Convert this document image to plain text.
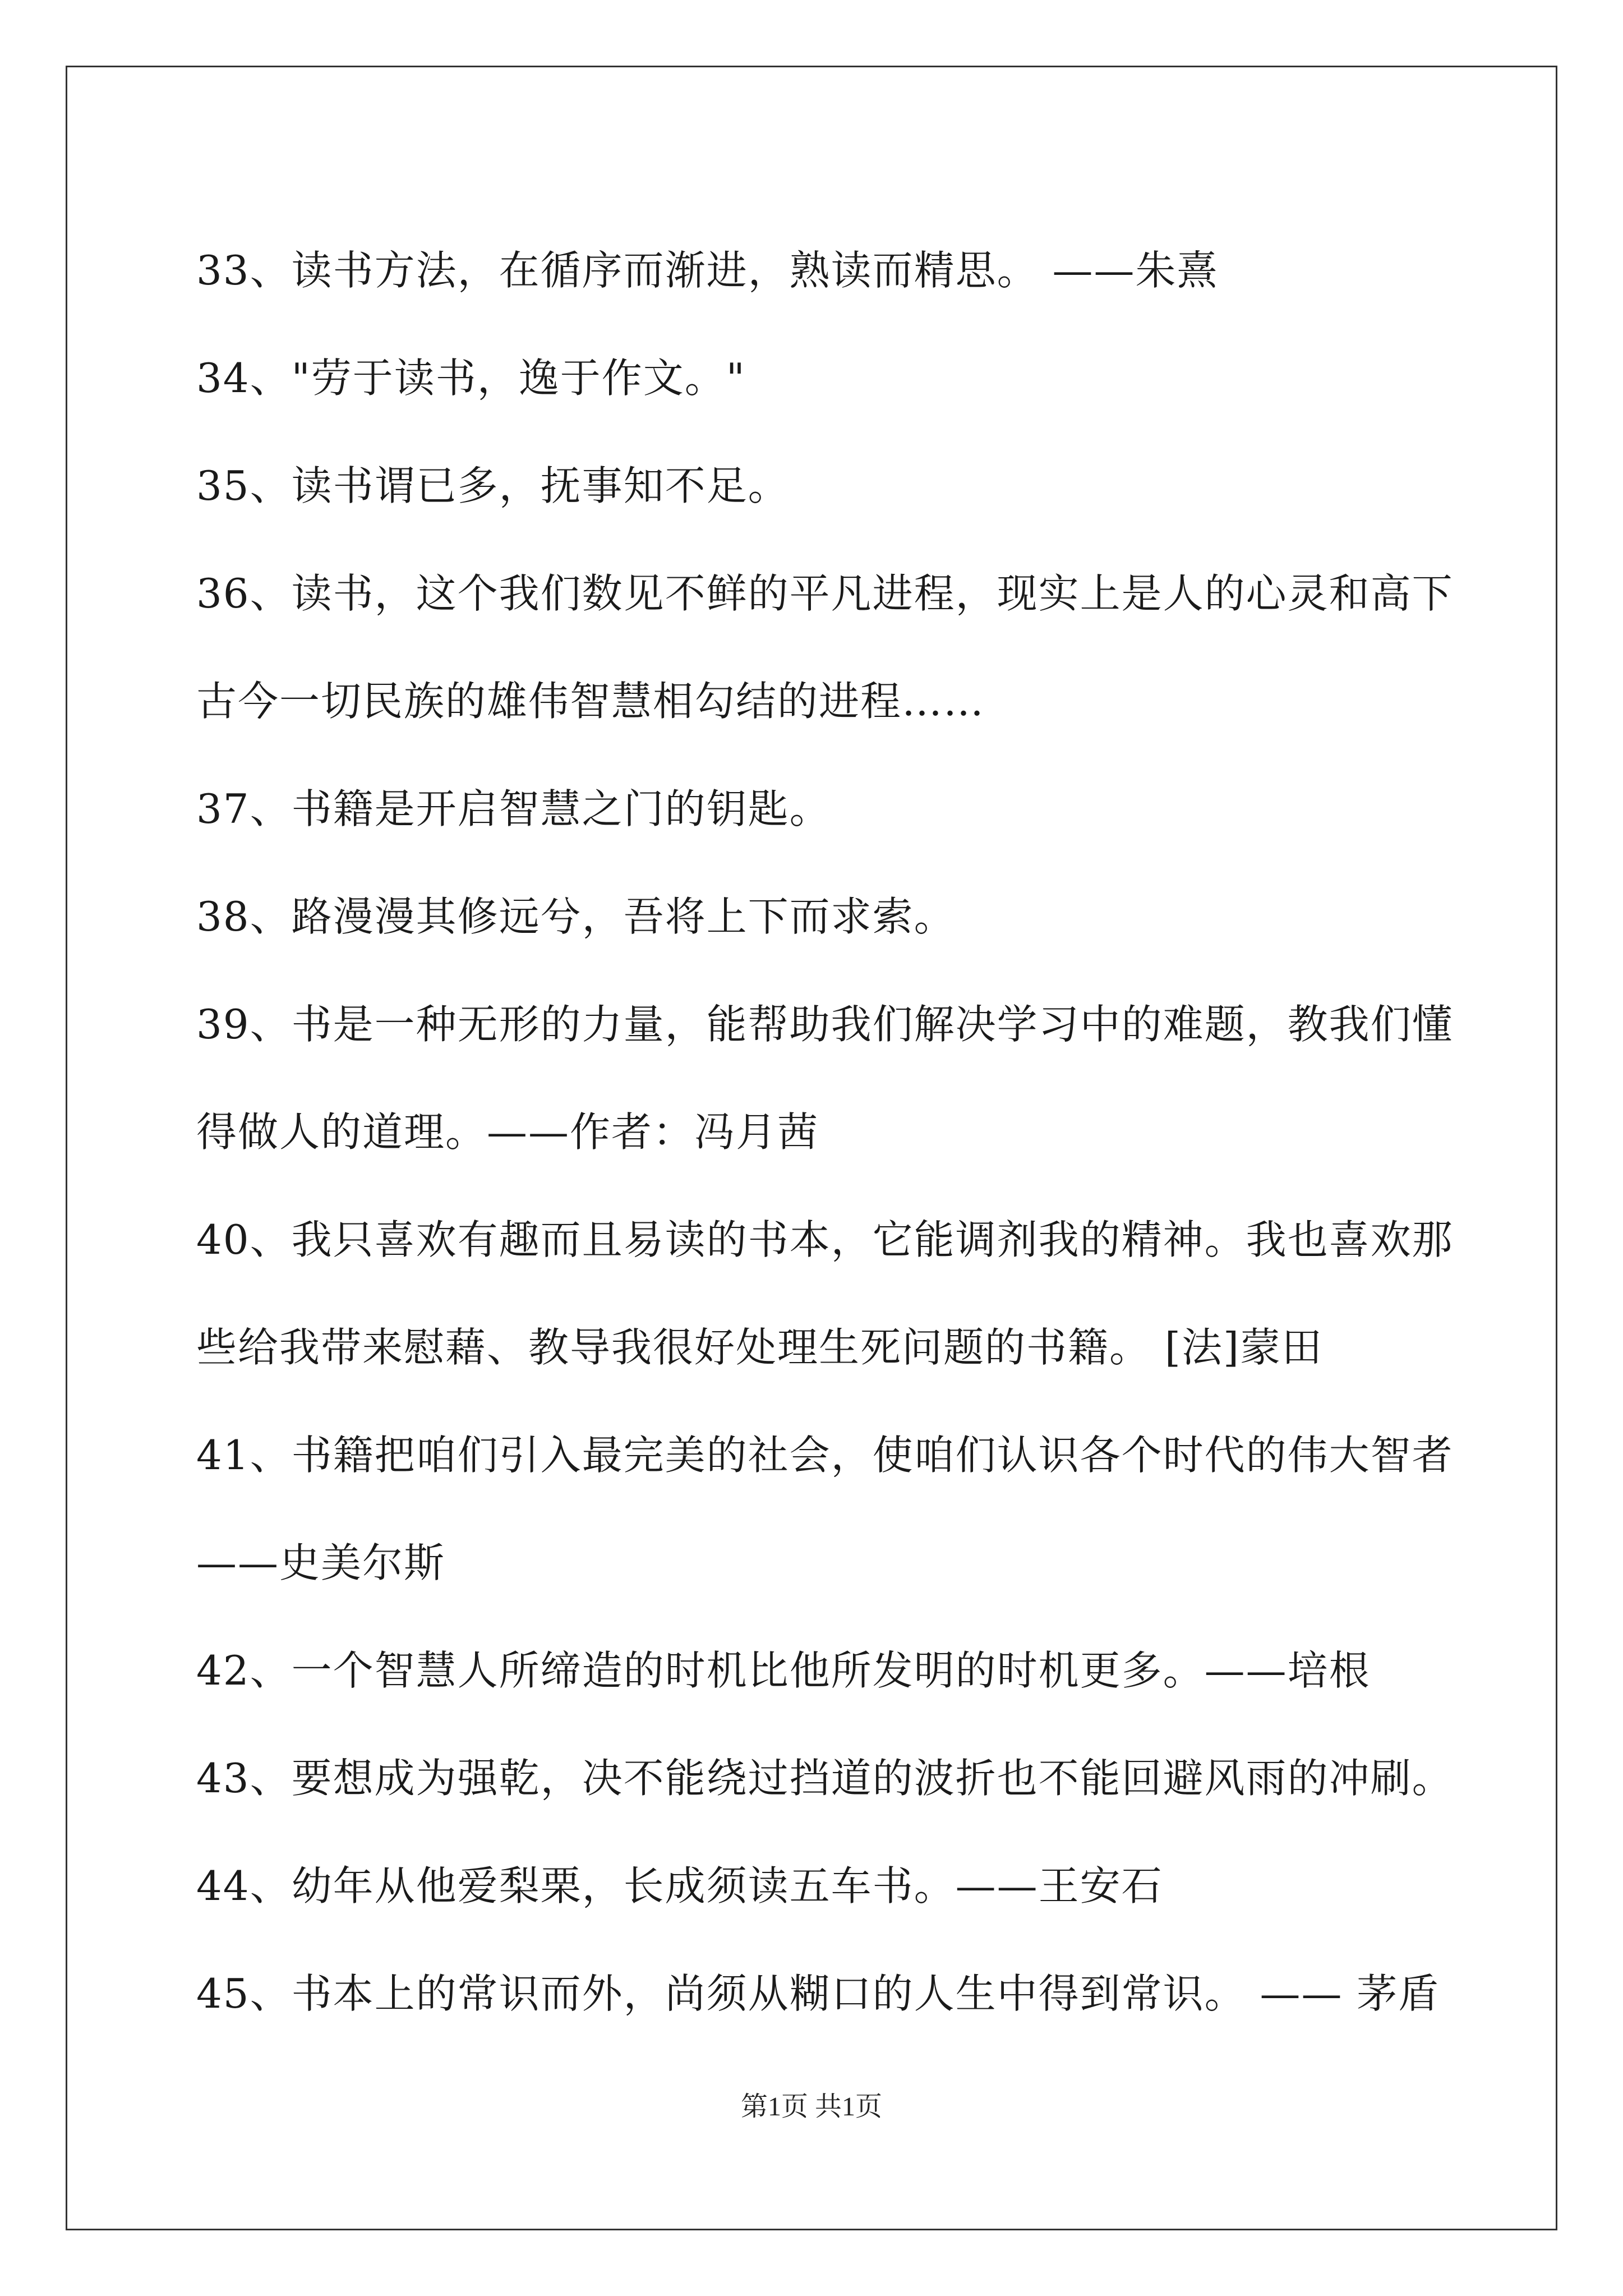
33、读书方法，在循序而渐进，熟读而精思。 ——朱熹
34、"劳于读书，逸于作文。"
35、读书谓已多，抚事知不足。
36、读书，这个我们数见不鲜的平凡进程，现实上是人的心灵和高下
古今一切民族的雄伟智慧相勾结的进程……
37、书籍是开启智慧之门的钥匙。
38、路漫漫其修远兮，吾将上下而求索。
39、书是一种无形的力量，能帮助我们解决学习中的难题，教我们懂
得做人的道理。——作者：冯月茜
40、我只喜欢有趣而且易读的书本，它能调剂我的精神。我也喜欢那
些给我带来慰藉、教导我很好处理生死问题的书籍。 [法]蒙田
41、书籍把咱们引入最完美的社会，使咱们认识各个时代的伟大智者
——史美尔斯
42、一个智慧人所缔造的时机比他所发明的时机更多。——培根
43、要想成为强乾，决不能绕过挡道的波折也不能回避风雨的冲刷。
44、幼年从他爱梨栗，长成须读五车书。——王安石
45、书本上的常识而外，尚须从糊口的人生中得到常识。 —— 茅盾
第1页 共1页
